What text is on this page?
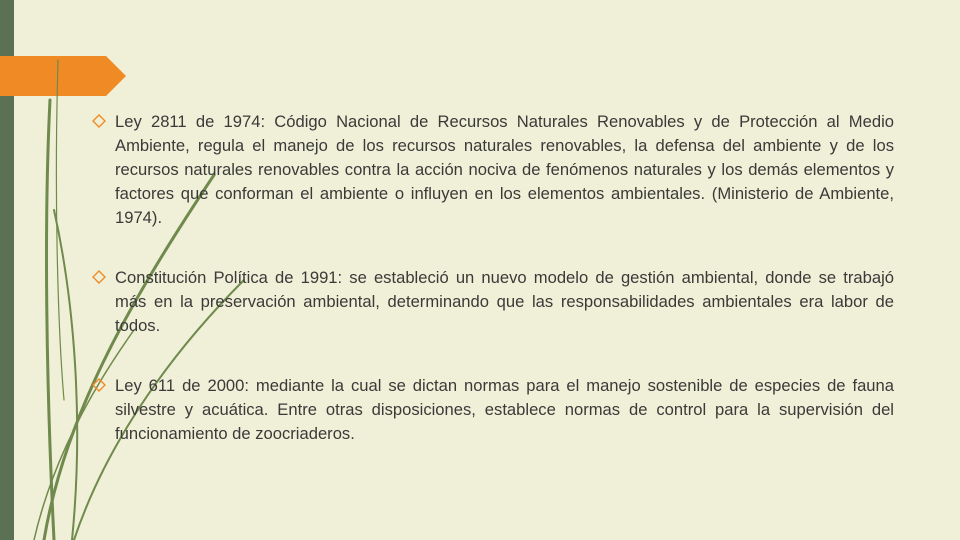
Ley 2811 de 1974: Código Nacional de Recursos Naturales Renovables y de Protección al Medio Ambiente, regula el manejo de los recursos naturales renovables, la defensa del ambiente y de los recursos naturales renovables contra la acción nociva de fenómenos naturales y los demás elementos y factores que conforman el ambiente o influyen en los elementos ambientales. (Ministerio de Ambiente, 1974).

Constitución Política de 1991: se estableció un nuevo modelo de gestión ambiental, donde se trabajó más en la preservación ambiental, determinando que las responsabilidades ambientales era labor de todos.

Ley 611 de 2000: mediante la cual se dictan normas para el manejo sostenible de especies de fauna silvestre y acuática. Entre otras disposiciones, establece normas de control para la supervisión del funcionamiento de zoocriaderos.
